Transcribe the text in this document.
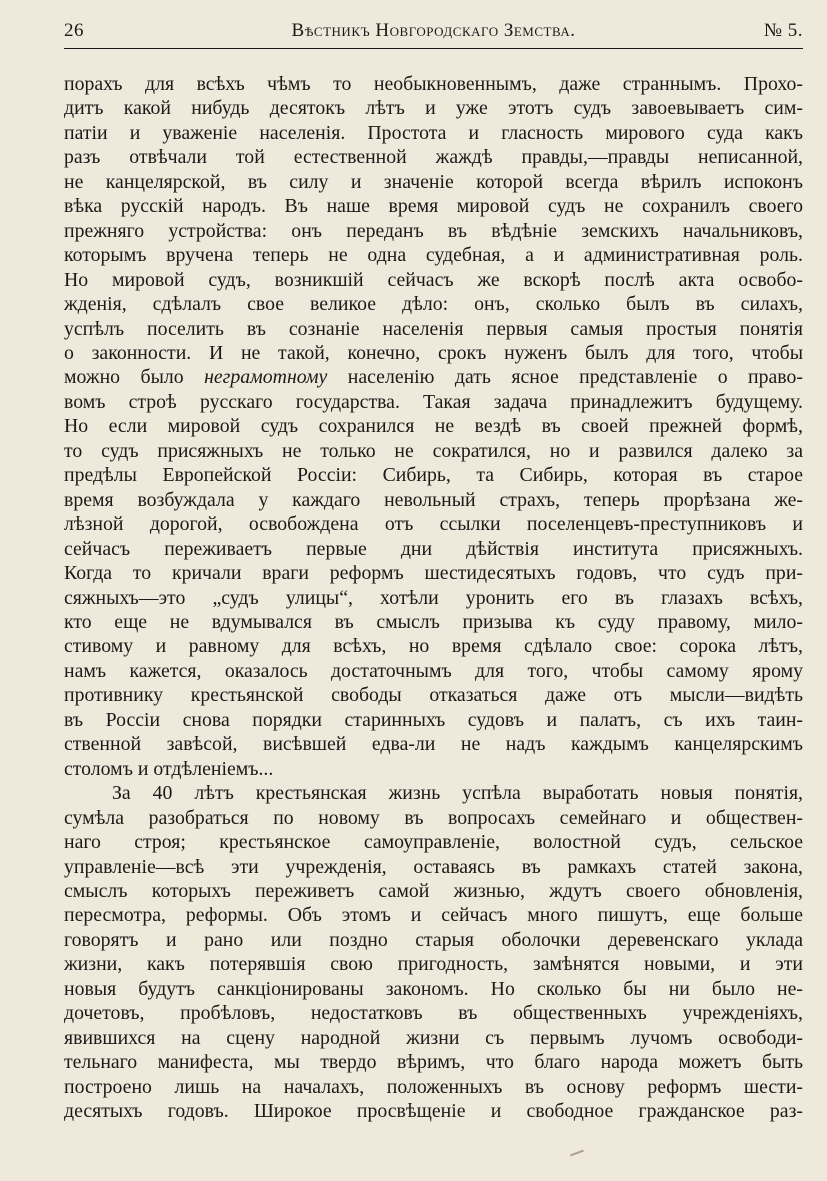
26	Вѣстникъ Новгородскаго Земства.	№ 5.
порахъ для всѣхъ чѣмъ то необыкновеннымъ, даже страннымъ. Прохо-
дитъ какой нибудь десятокъ лѣтъ и уже этотъ судъ завоевываетъ сим-
патіи и уваженіе населенія. Простота и гласность мирового суда какъ
разъ отвѣчали той естественной жаждѣ правды,—правды неписанной,
не канцелярской, въ силу и значеніе которой всегда вѣрилъ испоконъ
вѣка русскій народъ. Въ наше время мировой судъ не сохранилъ своего
прежняго устройства: онъ переданъ въ вѣдѣніе земскихъ начальниковъ,
которымъ вручена теперь не одна судебная, а и административная роль.
Но мировой судъ, возникшій сейчасъ же вскорѣ послѣ акта освобо-
жденія, сдѣлалъ свое великое дѣло: онъ, сколько былъ въ силахъ,
успѣлъ поселить въ сознаніе населенія первыя самыя простыя понятія
о законности. И не такой, конечно, срокъ нуженъ былъ для того, чтобы
можно было неграмотному населенію дать ясное представленіе о право-
вомъ строѣ русскаго государства. Такая задача принадлежитъ будущему.
Но если мировой судъ сохранился не вездѣ въ своей прежней формѣ,
то судъ присяжныхъ не только не сократился, но и развился далеко за
предѣлы Европейской Россіи: Сибирь, та Сибирь, которая въ старое
время возбуждала у каждаго невольный страхъ, теперь прорѣзана же-
лѣзной дорогой, освобождена отъ ссылки поселенцевъ-преступниковъ и
сейчасъ переживаетъ первые дни дѣйствія института присяжныхъ.
Когда то кричали враги реформъ шестидесятыхъ годовъ, что судъ при-
сяжныхъ—это „судъ улицы“, хотѣли уронить его въ глазахъ всѣхъ,
кто еще не вдумывался въ смыслъ призыва къ суду правому, мило-
стивому и равному для всѣхъ, но время сдѣлало свое: сорока лѣтъ,
намъ кажется, оказалось достаточнымъ для того, чтобы самому ярому
противнику крестьянской свободы отказаться даже отъ мысли—видѣть
въ Россіи снова порядки старинныхъ судовъ и палатъ, съ ихъ таин-
ственной завѣсой, висѣвшей едва-ли не надъ каждымъ канцелярскимъ
столомъ и отдѣленіемъ...
За 40 лѣтъ крестьянская жизнь успѣла выработать новыя понятія,
сумѣла разобраться по новому въ вопросахъ семейнаго и обществен-
наго строя; крестьянское самоуправленіе, волостной судъ, сельское
управленіе—всѣ эти учрежденія, оставаясь въ рамкахъ статей закона,
смыслъ которыхъ переживетъ самой жизнью, ждутъ своего обновленія,
пересмотра, реформы. Объ этомъ и сейчасъ много пишутъ, еще больше
говорятъ и рано или поздно старыя оболочки деревенскаго уклада
жизни, какъ потерявшія свою пригодность, замѣнятся новыми, и эти
новыя будутъ санкціонированы закономъ. Но сколько бы ни было не-
дочетовъ, пробѣловъ, недостатковъ въ общественныхъ учрежденіяхъ,
явившихся на сцену народной жизни съ первымъ лучомъ освободи-
тельнаго манифеста, мы твердо вѣримъ, что благо народа можетъ быть
построено лишь на началахъ, положенныхъ въ основу реформъ шести-
десятыхъ годовъ. Широкое просвѣщеніе и свободное гражданское раз-
